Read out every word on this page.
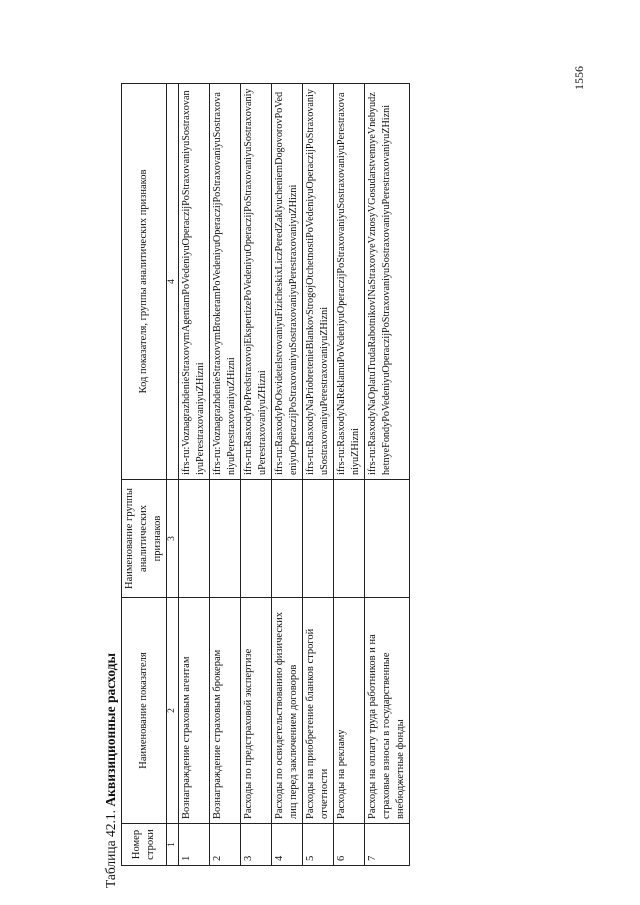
1556
Таблица 42.1. Аквизиционные расходы
Номер строки	Наименование показателя	Наименование группы аналитических признаков	Код показателя, группы аналитических признаков
1	2	3	4
1	Вознаграждение страховым агентам		ifrs-ru:VoznagrazhdenieStraxovymAgentamPoVedeniyuOperaczijPoStraxovaniyuSostraxovaniyuPerestraxovaniyuZHizni
2	Вознаграждение страховым брокерам		ifrs-ru:VoznagrazhdenieStraxovymBrokeramPoVedeniyuOperaczijPoStraxovaniyuSostraxovaniyuPerestraxovaniyuZHizni
3	Расходы по предстраховой экспертизе		ifrs-ru:RasxodyPoPredstraxovojEkspertizePoVedeniyuOperaczijPoStraxovaniyuSostraxovaniyuPerestraxovaniyuZHizni
4	Расходы по освидетельствованию физических лиц перед заключением договоров		ifrs-ru:RasxodyPoOsvidetelstvovaniyuFizicheskixLiczPeredZaklyucheniemDogovorovPoVedeniyuOperaczijPoStraxovaniyuSostraxovaniyuPerestraxovaniyuZHizni
5	Расходы на приобретение бланков строгой отчетности		ifrs-ru:RasxodyNaPriobretenieBlankovStrogojOtchetnostiPoVedeniyuOperaczijPoStraxovaniyuSostraxovaniyuPerestraxovaniyuZHizni
6	Расходы на рекламу		ifrs-ru:RasxodyNaReklamuPoVedeniyuOperaczijPoStraxovaniyuSostraxovaniyuPerestraxovaniyuZHizni
7	Расходы на оплату труда работников и на страховые взносы в государственные внебюджетные фонды		ifrs-ru:RasxodyNaOplatuTrudaRabotnikovINaStraxovyeVznosyVGosudarstvennyeVnebyudzhetnyeFondyPoVedeniyuOperaczijPoStraxovaniyuSostraxovaniyuPerestraxovaniyuZHizni
